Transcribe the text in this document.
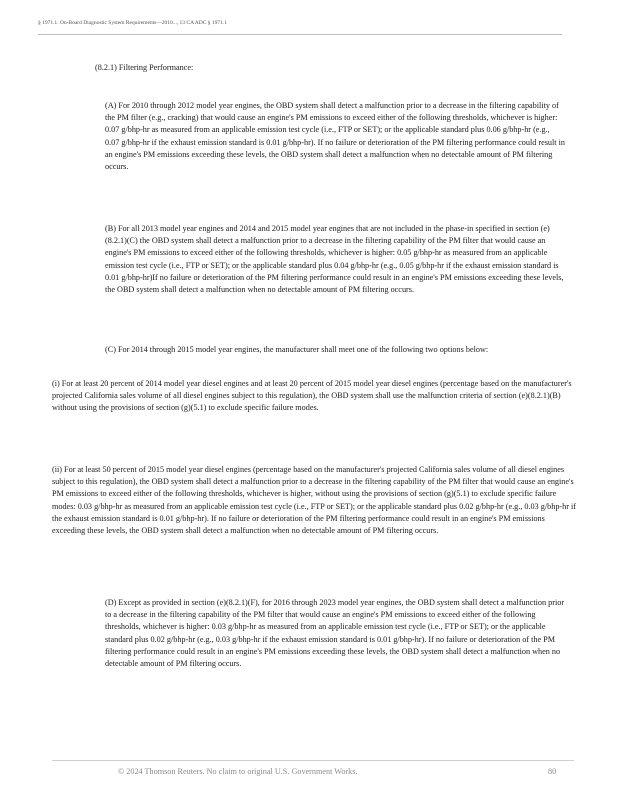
§ 1971.1. On-Board Diagnostic System Requirements—2010..., 13 CA ADC § 1971.1

(8.2.1) Filtering Performance:

(A) For 2010 through 2012 model year engines, the OBD system shall detect a malfunction prior to a decrease in the filtering capability of the PM filter (e.g., cracking) that would cause an engine's PM emissions to exceed either of the following thresholds, whichever is higher: 0.07 g/bhp-hr as measured from an applicable emission test cycle (i.e., FTP or SET); or the applicable standard plus 0.06 g/bhp-hr (e.g., 0.07 g/bhp-hr if the exhaust emission standard is 0.01 g/bhp-hr). If no failure or deterioration of the PM filtering performance could result in an engine's PM emissions exceeding these levels, the OBD system shall detect a malfunction when no detectable amount of PM filtering occurs.

(B) For all 2013 model year engines and 2014 and 2015 model year engines that are not included in the phase-in specified in section (e)(8.2.1)(C) the OBD system shall detect a malfunction prior to a decrease in the filtering capability of the PM filter that would cause an engine's PM emissions to exceed either of the following thresholds, whichever is higher: 0.05 g/bhp-hr as measured from an applicable emission test cycle (i.e., FTP or SET); or the applicable standard plus 0.04 g/bhp-hr (e.g., 0.05 g/bhp-hr if the exhaust emission standard is 0.01 g/bhp-hr)If no failure or deterioration of the PM filtering performance could result in an engine's PM emissions exceeding these levels, the OBD system shall detect a malfunction when no detectable amount of PM filtering occurs.

(C) For 2014 through 2015 model year engines, the manufacturer shall meet one of the following two options below:

(i) For at least 20 percent of 2014 model year diesel engines and at least 20 percent of 2015 model year diesel engines (percentage based on the manufacturer's projected California sales volume of all diesel engines subject to this regulation), the OBD system shall use the malfunction criteria of section (e)(8.2.1)(B) without using the provisions of section (g)(5.1) to exclude specific failure modes.

(ii) For at least 50 percent of 2015 model year diesel engines (percentage based on the manufacturer's projected California sales volume of all diesel engines subject to this regulation), the OBD system shall detect a malfunction prior to a decrease in the filtering capability of the PM filter that would cause an engine's PM emissions to exceed either of the following thresholds, whichever is higher, without using the provisions of section (g)(5.1) to exclude specific failure modes: 0.03 g/bhp-hr as measured from an applicable emission test cycle (i.e., FTP or SET); or the applicable standard plus 0.02 g/bhp-hr (e.g., 0.03 g/bhp-hr if the exhaust emission standard is 0.01 g/bhp-hr). If no failure or deterioration of the PM filtering performance could result in an engine's PM emissions exceeding these levels, the OBD system shall detect a malfunction when no detectable amount of PM filtering occurs.

(D) Except as provided in section (e)(8.2.1)(F), for 2016 through 2023 model year engines, the OBD system shall detect a malfunction prior to a decrease in the filtering capability of the PM filter that would cause an engine's PM emissions to exceed either of the following thresholds, whichever is higher: 0.03 g/bhp-hr as measured from an applicable emission test cycle (i.e., FTP or SET); or the applicable standard plus 0.02 g/bhp-hr (e.g., 0.03 g/bhp-hr if the exhaust emission standard is 0.01 g/bhp-hr). If no failure or deterioration of the PM filtering performance could result in an engine's PM emissions exceeding these levels, the OBD system shall detect a malfunction when no detectable amount of PM filtering occurs.

© 2024 Thomson Reuters. No claim to original U.S. Government Works.	80
